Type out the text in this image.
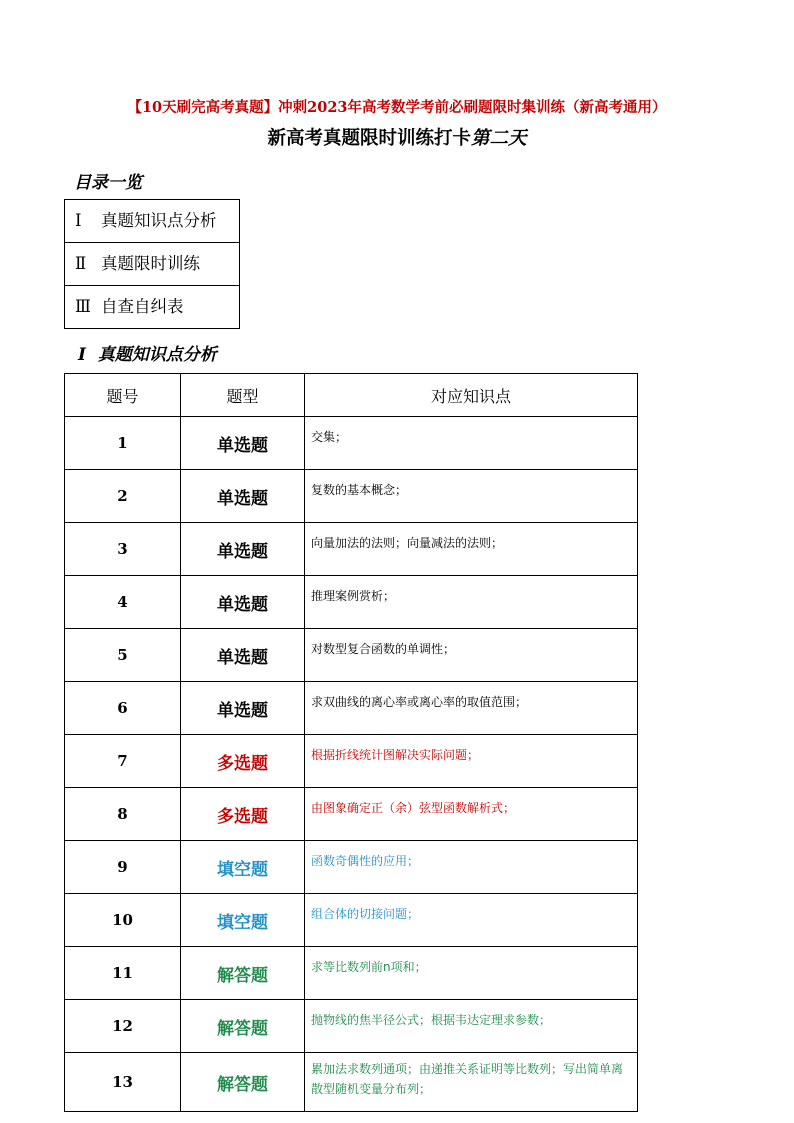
【10天刷完高考真题】冲刺2023年高考数学考前必刷题限时集训练（新高考通用）
新高考真题限时训练打卡第二天
目录一览
Ⅰ 真题知识点分析
Ⅱ 真题限时训练
Ⅲ 自查自纠表
Ⅰ 真题知识点分析
题号	题型	对应知识点
1	单选题	交集；
2	单选题	复数的基本概念；
3	单选题	向量加法的法则；向量减法的法则；
4	单选题	推理案例赏析；
5	单选题	对数型复合函数的单调性；
6	单选题	求双曲线的离心率或离心率的取值范围；
7	多选题	根据折线统计图解决实际问题；
8	多选题	由图象确定正（余）弦型函数解析式；
9	填空题	函数奇偶性的应用；
10	填空题	组合体的切接问题；
11	解答题	求等比数列前n项和；
12	解答题	抛物线的焦半径公式；根据韦达定理求参数；
13	解答题	累加法求数列通项；由递推关系证明等比数列；写出简单离散型随机变量分布列；
